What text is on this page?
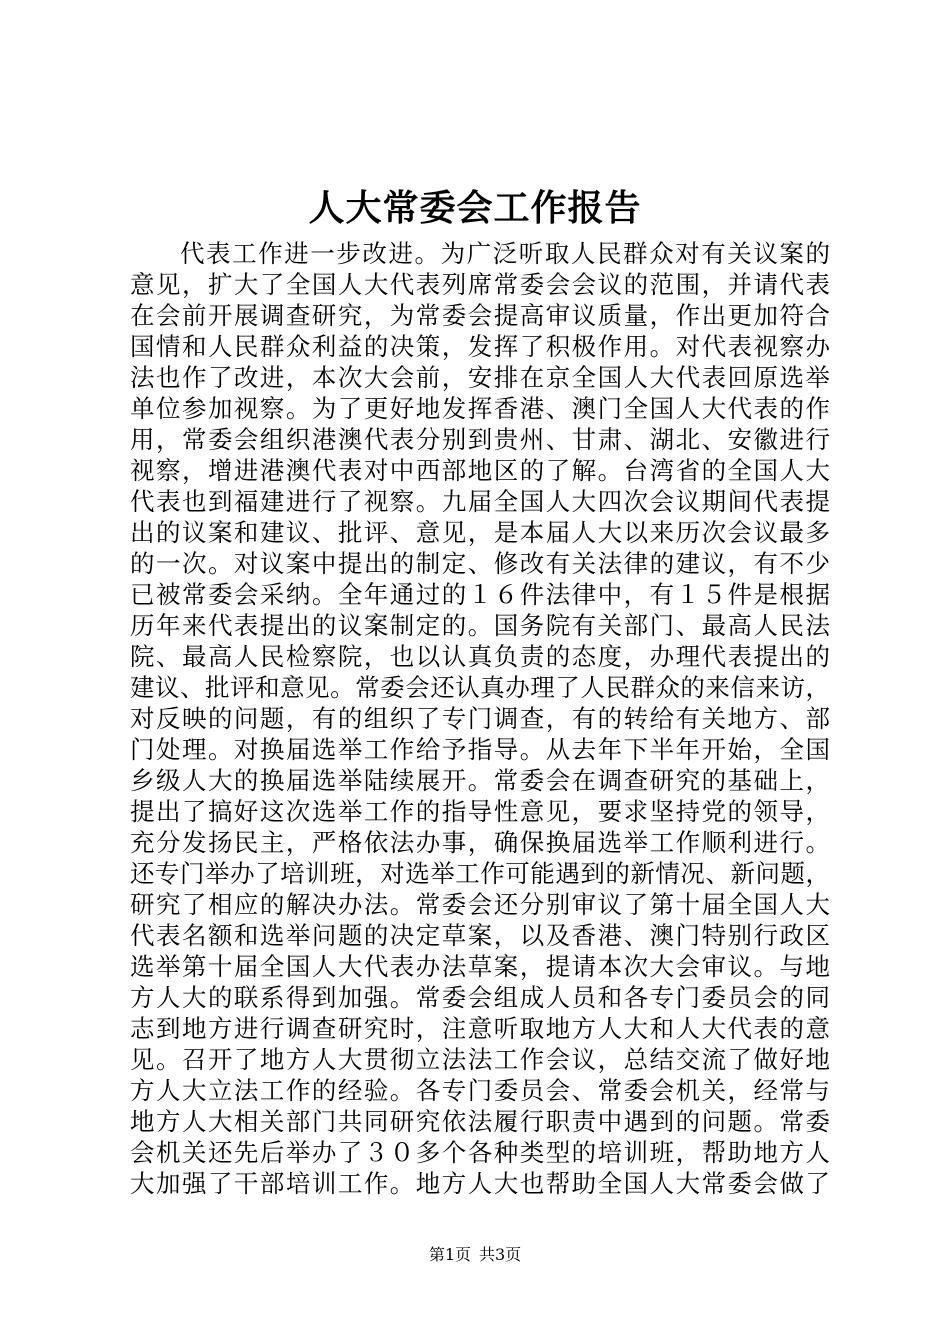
人大常委会工作报告
代表工作进一步改进。为广泛听取人民群众对有关议案的
意见，扩大了全国人大代表列席常委会会议的范围，并请代表
在会前开展调查研究，为常委会提高审议质量，作出更加符合
国情和人民群众利益的决策，发挥了积极作用。对代表视察办
法也作了改进，本次大会前，安排在京全国人大代表回原选举
单位参加视察。为了更好地发挥香港、澳门全国人大代表的作
用，常委会组织港澳代表分别到贵州、甘肃、湖北、安徽进行
视察，增进港澳代表对中西部地区的了解。台湾省的全国人大
代表也到福建进行了视察。九届全国人大四次会议期间代表提
出的议案和建议、批评、意见，是本届人大以来历次会议最多
的一次。对议案中提出的制定、修改有关法律的建议，有不少
已被常委会采纳。全年通过的１６件法律中，有１５件是根据
历年来代表提出的议案制定的。国务院有关部门、最高人民法
院、最高人民检察院，也以认真负责的态度，办理代表提出的
建议、批评和意见。常委会还认真办理了人民群众的来信来访，
对反映的问题，有的组织了专门调查，有的转给有关地方、部
门处理。对换届选举工作给予指导。从去年下半年开始，全国
乡级人大的换届选举陆续展开。常委会在调查研究的基础上，
提出了搞好这次选举工作的指导性意见，要求坚持党的领导，
充分发扬民主，严格依法办事，确保换届选举工作顺利进行。
还专门举办了培训班，对选举工作可能遇到的新情况、新问题，
研究了相应的解决办法。常委会还分别审议了第十届全国人大
代表名额和选举问题的决定草案，以及香港、澳门特别行政区
选举第十届全国人大代表办法草案，提请本次大会审议。与地
方人大的联系得到加强。常委会组成人员和各专门委员会的同
志到地方进行调查研究时，注意听取地方人大和人大代表的意
见。召开了地方人大贯彻立法法工作会议，总结交流了做好地
方人大立法工作的经验。各专门委员会、常委会机关，经常与
地方人大相关部门共同研究依法履行职责中遇到的问题。常委
会机关还先后举办了３０多个各种类型的培训班，帮助地方人
大加强了干部培训工作。地方人大也帮助全国人大常委会做了
第1页 共3页
